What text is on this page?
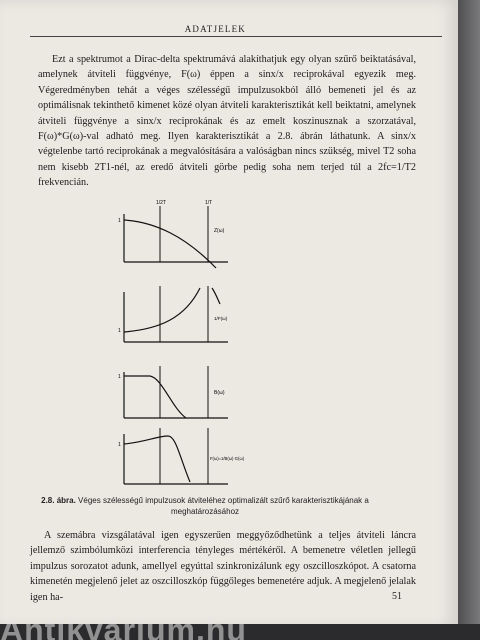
ADATJELEK
Ezt a spektrumot a Dirac-delta spektrumává alakíthatjuk egy olyan szűrő beiktatásával, amelynek átviteli függvénye, F(ω) éppen a sinx/x reciprokával egyezik meg. Végeredményben tehát a véges szélességű impulzusokból álló bemeneti jel és az optimálisnak tekinthető kimenet közé olyan átviteli karakterisztikát kell beiktatni, amelynek átviteli függvénye a sinx/x reciprokának és az emelt koszinusznak a szorzatával, F(ω)*G(ω)-val adható meg. Ilyen karakterisztikát a 2.8. ábrán láthatunk. A sinx/x végtelenbe tartó reciprokának a megvalósítására a valóságban nincs szükség, mivel T2 soha nem kisebb 2T1-nél, az eredő átviteli görbe pedig soha nem terjed túl a 2fc=1/T2 frekvencián.
1
1/2T	1/T
Z(ω)
1
1/F(ω)
1
B(ω)
1
F(ω)=1/B(ω)·G(ω)
2.8. ábra. Véges szélességű impulzusok átviteléhez optimalizált szűrő karakterisztikájának a meghatározásához
A szemábra vizsgálatával igen egyszerűen meggyőződhetünk a teljes átviteli láncra jellemző szimbólumközi interferencia tényleges mértékéről. A bemenetre véletlen jellegű impulzus sorozatot adunk, amellyel egyúttal szinkronizálunk egy oszcilloszkópot. A csatorna kimenetén megjelenő jelet az oszcilloszkóp függőleges bemenetére adjuk. A megjelenő jelalak igen ha-	51
Antikvárium.hu
